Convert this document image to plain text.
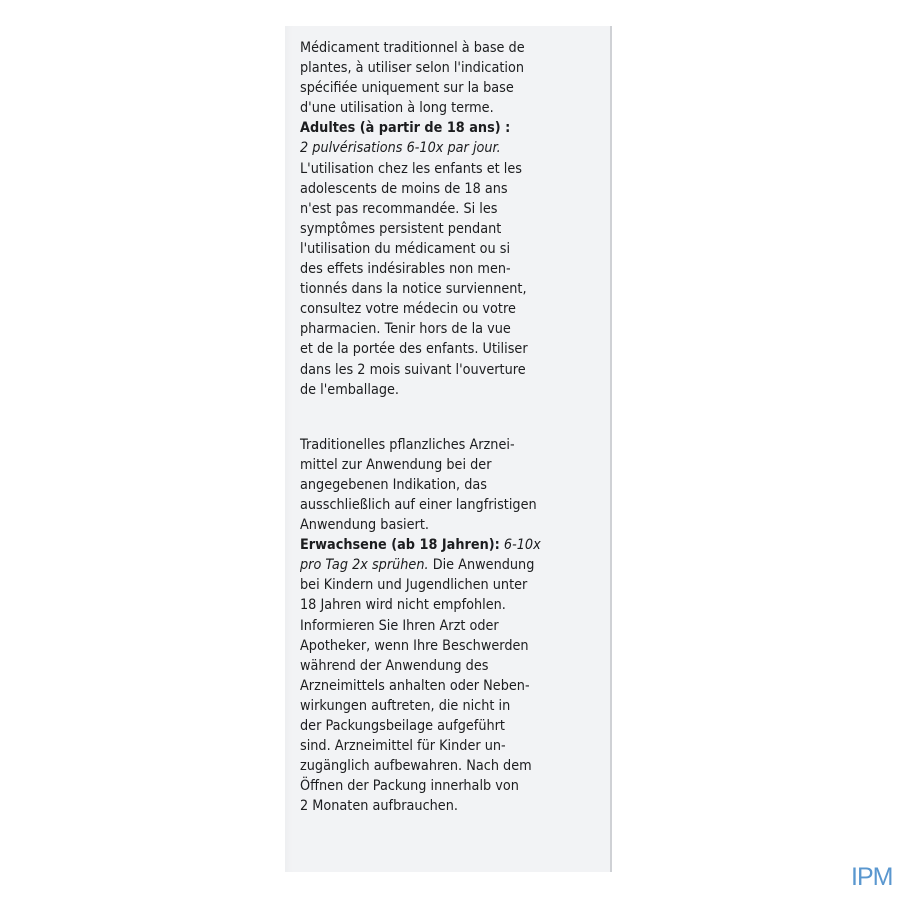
Médicament traditionnel à base de
plantes, à utiliser selon l'indication
spécifiée uniquement sur la base
d'une utilisation à long terme.
Adultes (à partir de 18 ans) :
2 pulvérisations 6-10x par jour.
L'utilisation chez les enfants et les
adolescents de moins de 18 ans
n'est pas recommandée. Si les
symptômes persistent pendant
l'utilisation du médicament ou si
des effets indésirables non men-
tionnés dans la notice surviennent,
consultez votre médecin ou votre
pharmacien. Tenir hors de la vue
et de la portée des enfants. Utiliser
dans les 2 mois suivant l'ouverture
de l'emballage.
Traditionelles pflanzliches Arznei-
mittel zur Anwendung bei der
angegebenen Indikation, das
ausschließlich auf einer langfristigen
Anwendung basiert.
Erwachsene (ab 18 Jahren): 6-10x
pro Tag 2x sprühen. Die Anwendung
bei Kindern und Jugendlichen unter
18 Jahren wird nicht empfohlen.
Informieren Sie Ihren Arzt oder
Apotheker, wenn Ihre Beschwerden
während der Anwendung des
Arzneimittels anhalten oder Neben-
wirkungen auftreten, die nicht in
der Packungsbeilage aufgeführt
sind. Arzneimittel für Kinder un-
zugänglich aufbewahren. Nach dem
Öffnen der Packung innerhalb von
2 Monaten aufbrauchen.
IPM
